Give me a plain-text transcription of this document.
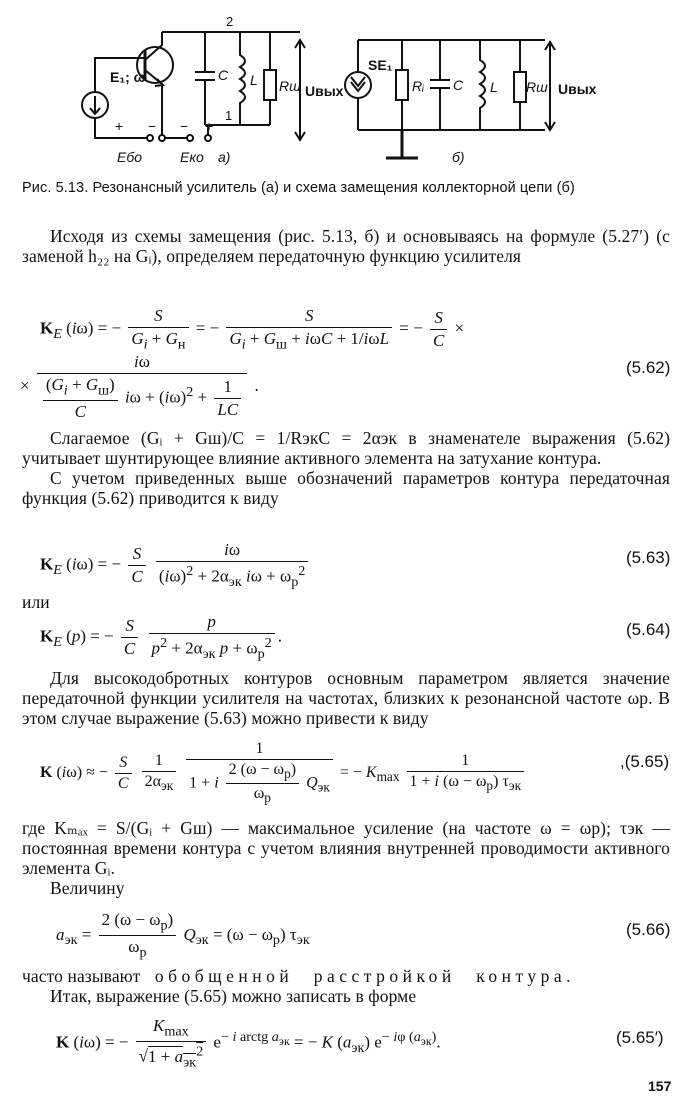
E₁; ω
2
+ −
Eбо
− +
Eко
1
C L Rш Uвых
а)
SE₁
Rᵢ C L Rш Uвых
б)
Рис. 5.13. Резонансный усилитель (а) и схема замещения коллекторной цепи (б)

Исходя из схемы замещения (рис. 5.13, б) и основываясь на формуле (5.27′) (с заменой h₂₂ на Gᵢ), определяем передаточную функцию усилителя

$K_E$ (iω) = − $\frac{S}{G_i + G_н}$ = − $\frac{S}{G_i + G_ш + i\omega C + 1/i\omega L}$ = − $\frac{S}{C}$ ×
× $\frac{i\omega}{\frac{(G_i + G_ш)}{C} i\omega + (i\omega)^2 + \frac{1}{LC}}$ .
(5.62)

Слагаемое (Gᵢ + Gш)/C = 1/RэкC = 2αэк в знаменателе выражения (5.62) учитывает шунтирующее влияние активного элемента на затухание контура.

С учетом приведенных выше обозначений параметров контура передаточная функция (5.62) приводится к виду

$K_E$ (iω) = − $\frac{S}{C}$
$\frac{i\omega}{(i\omega)^2 + 2\alpha_{эк} i\omega + \omega_р^2}$	(5.63)
или
$K_E$ (p) = − $\frac{S}{C}$
$\frac{p}{p^2 + 2\alpha_{эк} p + \omega_р^2}$ .	(5.64)

Для высокодобротных контуров основным параметром является значение передаточной функции усилителя на частотах, близких к резонансной частоте ωр. В этом случае выражение (5.63) можно привести к виду

K (iω) ≈ − $\frac{S}{C}$
$\frac{1}{2\alpha_{эк}}$
$\frac{1}{1 + i \frac{2 (\omega - \omega_р)}{\omega_р} Q_{эк}}$ = − $K_{max} \frac{1}{1 + i (\omega - \omega_р) \tau_{эк}}$	,(5.65)

где Kₘₐₓ = S/(Gᵢ + Gш) — максимальное усиление (на частоте ω = ωр); τэк — постоянная времени контура с учетом влияния внутренней проводимости активного элемента Gᵢ.

Величину

$a_{эк} = \frac{2 (\omega - \omega_р)}{\omega_р} Q_{эк} = (\omega - \omega_р)$ $\tau_{эк}$
(5.66)
часто называют обобщенной расстройкой контура.

Итак, выражение (5.65) можно записать в форме

K (iω) = − $\frac{K_{max}}{√1 + a_{эк}^2} e^{- i arctg a_{эк}}$ = − K $(a_{эк})$ $e^{- i\varphi (a_{эк})}$.	(5.65′)
157
